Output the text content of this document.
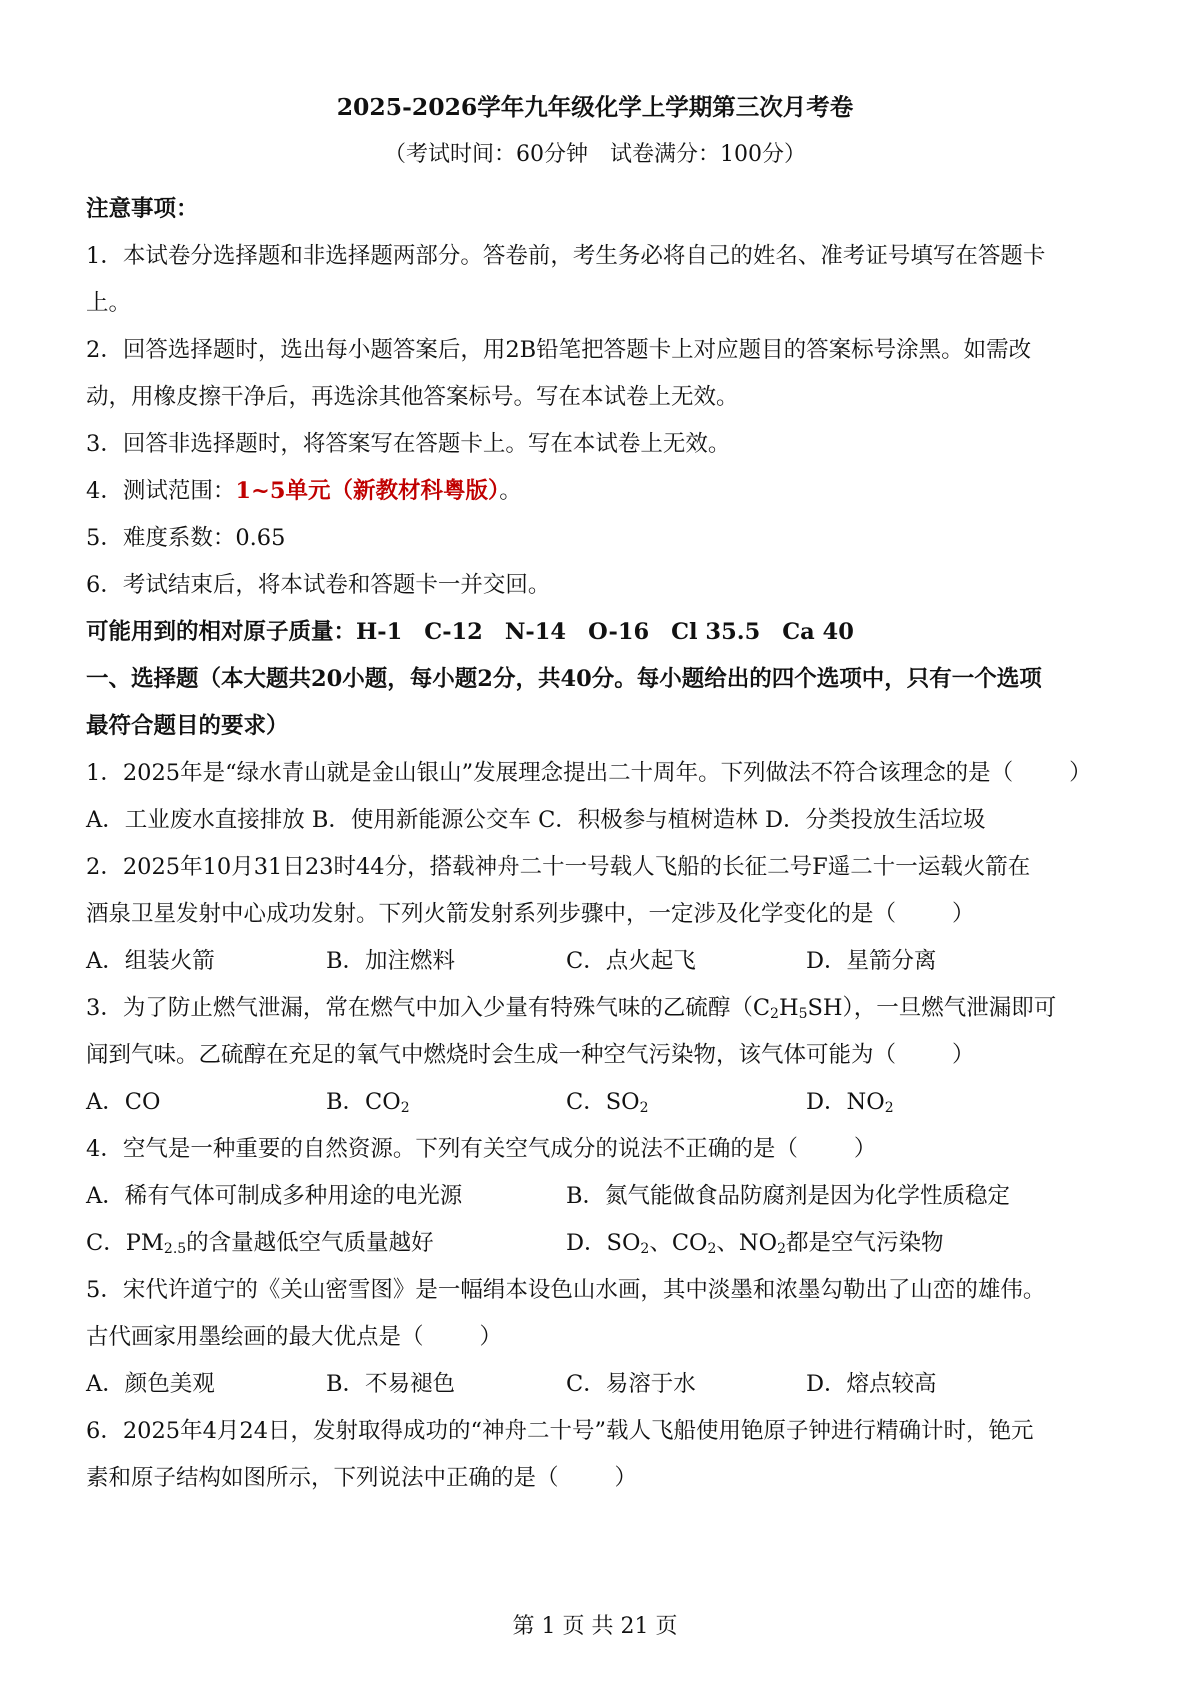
2025-2026学年九年级化学上学期第三次月考卷
（考试时间：60分钟　试卷满分：100分）

注意事项：

1．本试卷分选择题和非选择题两部分。答卷前，考生务必将自己的姓名、准考证号填写在答题卡

上。

2．回答选择题时，选出每小题答案后，用2B铅笔把答题卡上对应题目的答案标号涂黑。如需改

动，用橡皮擦干净后，再选涂其他答案标号。写在本试卷上无效。

3．回答非选择题时，将答案写在答题卡上。写在本试卷上无效。

4．测试范围：1~5单元（新教材科粤版）。

5．难度系数：0.65

6．考试结束后，将本试卷和答题卡一并交回。

可能用到的相对原子质量：H-1 C-12 N-14 O-16 Cl 35.5 Ca 40

一、选择题（本大题共20小题，每小题2分，共40分。每小题给出的四个选项中，只有一个选项

最符合题目的要求）

1．2025年是“绿水青山就是金山银山”发展理念提出二十周年。下列做法不符合该理念的是（ ）

A．工业废水直接排放 B．使用新能源公交车 C．积极参与植树造林 D．分类投放生活垃圾

2．2025年10月31日23时44分，搭载神舟二十一号载人飞船的长征二号F遥二十一运载火箭在

酒泉卫星发射中心成功发射。下列火箭发射系列步骤中，一定涉及化学变化的是（ ）

A．组装火箭	B．加注燃料	C．点火起飞	D．星箭分离

3．为了防止燃气泄漏，常在燃气中加入少量有特殊气味的乙硫醇$(C_2H_5SH)$，一旦燃气泄漏即可

闻到气味。乙硫醇在充足的氧气中燃烧时会生成一种空气污染物，该气体可能为（ ）

A．CO	B．$CO_2$	C．$SO_2$	D．$NO_2$

4．空气是一种重要的自然资源。下列有关空气成分的说法不正确的是（ ）

A．稀有气体可制成多种用途的电光源	B．氮气能做食品防腐剂是因为化学性质稳定

C．$PM_{2.5}$的含量越低空气质量越好	D．$SO_2$、$CO_2$、$NO_2$都是空气污染物

5．宋代许道宁的《关山密雪图》是一幅绢本设色山水画，其中淡墨和浓墨勾勒出了山峦的雄伟。

古代画家用墨绘画的最大优点是（ ）

A．颜色美观	B．不易褪色	C．易溶于水	D．熔点较高

6．2025年4月24日，发射取得成功的“神舟二十号”载人飞船使用铯原子钟进行精确计时，铯元

素和原子结构如图所示，下列说法中正确的是（ ）

第 1 页 共 21 页
